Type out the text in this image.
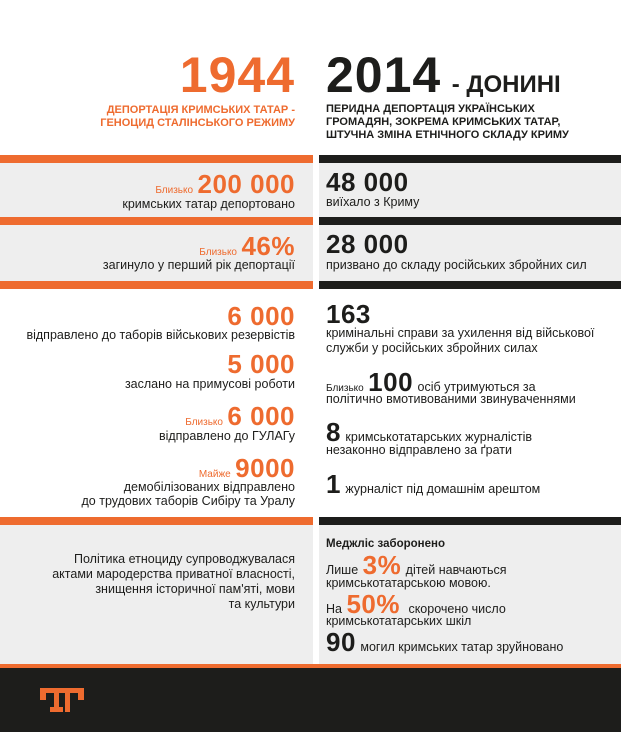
1944
ДЕПОРТАЦІЯ КРИМСЬКИХ ТАТАР -
ГЕНОЦИД СТАЛІНСЬКОГО РЕЖИМУ
2014 - ДОНИНІ
ПЕРИДНА ДЕПОРТАЦІЯ УКРАЇНСЬКИХ
ГРОМАДЯН, ЗОКРЕМА КРИМСЬКИХ ТАТАР,
ШТУЧНА ЗМІНА ЕТНІЧНОГО СКЛАДУ КРИМУ
Близько 200 000
кримських татар депортовано
48 000
виїхало з Криму
Близько 46%
загинуло у перший рік депортації
28 000
призвано до складу російських збройних сил
6 000
відправлено до таборів військових резервістів
5 000
заслано на примусові роботи
Близько 6 000
відправлено до ГУЛАГу
Майже 9000
демобілізованих відправлено
до трудових таборів Сибіру та Уралу
163
кримінальні справи за ухилення від військової
служби у російських збройних силах
Близько 100 осіб утримуються за
політично вмотивованими звинуваченнями
8 кримськотатарських журналістів
незаконно відправлено за ґрати
1 журналіст під домашнім арештом
Політика етноциду супроводжувалася
актами мародерства приватної власності,
знищення історичної пам'яті, мови
та культури
Меджліс заборонено
Лише 3% дітей навчаються
кримськотатарською мовою.
На 50% скорочено число
кримськотатарських шкіл
90 могил кримських татар зруйновано
